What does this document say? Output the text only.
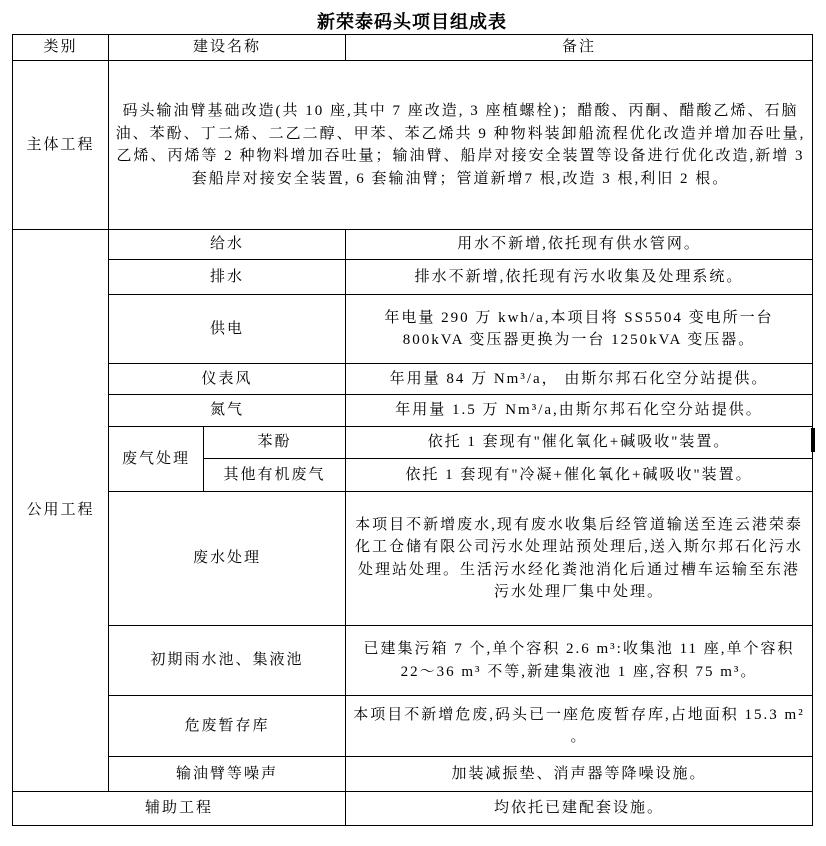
新荣泰码头项目组成表
类别	建设名称		备注
主体工程	码头输油臂基础改造(共 10 座,其中 7 座改造, 3 座植螺栓)；醋酸、丙酮、醋酸乙烯、石脑油、苯酚、丁二烯、二乙二醇、甲苯、苯乙烯共 9 种物料装卸船流程优化改造并增加吞吐量,乙烯、丙烯等 2 种物料增加吞吐量；输油臂、船岸对接安全装置等设备进行优化改造,新增 3 套船岸对接安全装置, 6 套输油臂；管道新增7 根,改造 3 根,利旧 2 根。		
公用工程	给水		用水不新增,依托现有供水管网。
	排水		排水不新增,依托现有污水收集及处理系统。
	供电		年电量 290 万 kwh/a,本项目将 SS5504 变电所一台 800kVA 变压器更换为一台 1250kVA 变压器。
	仪表风		年用量 84 万 Nm³/a， 由斯尔邦石化空分站提供。
	氮气		年用量 1.5 万 Nm³/a,由斯尔邦石化空分站提供。
	废气处理	苯酚	依托 1 套现有"催化氧化+碱吸收"装置。
		其他有机废气	依托 1 套现有"冷凝+催化氧化+碱吸收"装置。
	废水处理		本项目不新增废水,现有废水收集后经管道输送至连云港荣泰化工仓储有限公司污水处理站预处理后,送入斯尔邦石化污水处理站处理。生活污水经化粪池消化后通过槽车运输至东港污水处理厂集中处理。
	初期雨水池、集液池		已建集污箱 7 个,单个容积 2.6 m³:收集池 11 座,单个容积 22～36 m³ 不等,新建集液池 1 座,容积 75 m³。
	危废暂存库		本项目不新增危废,码头已一座危废暂存库,占地面积 15.3 m² 。
	输油臂等噪声		加装减振垫、消声器等降噪设施。
辅助工程			均依托已建配套设施。
